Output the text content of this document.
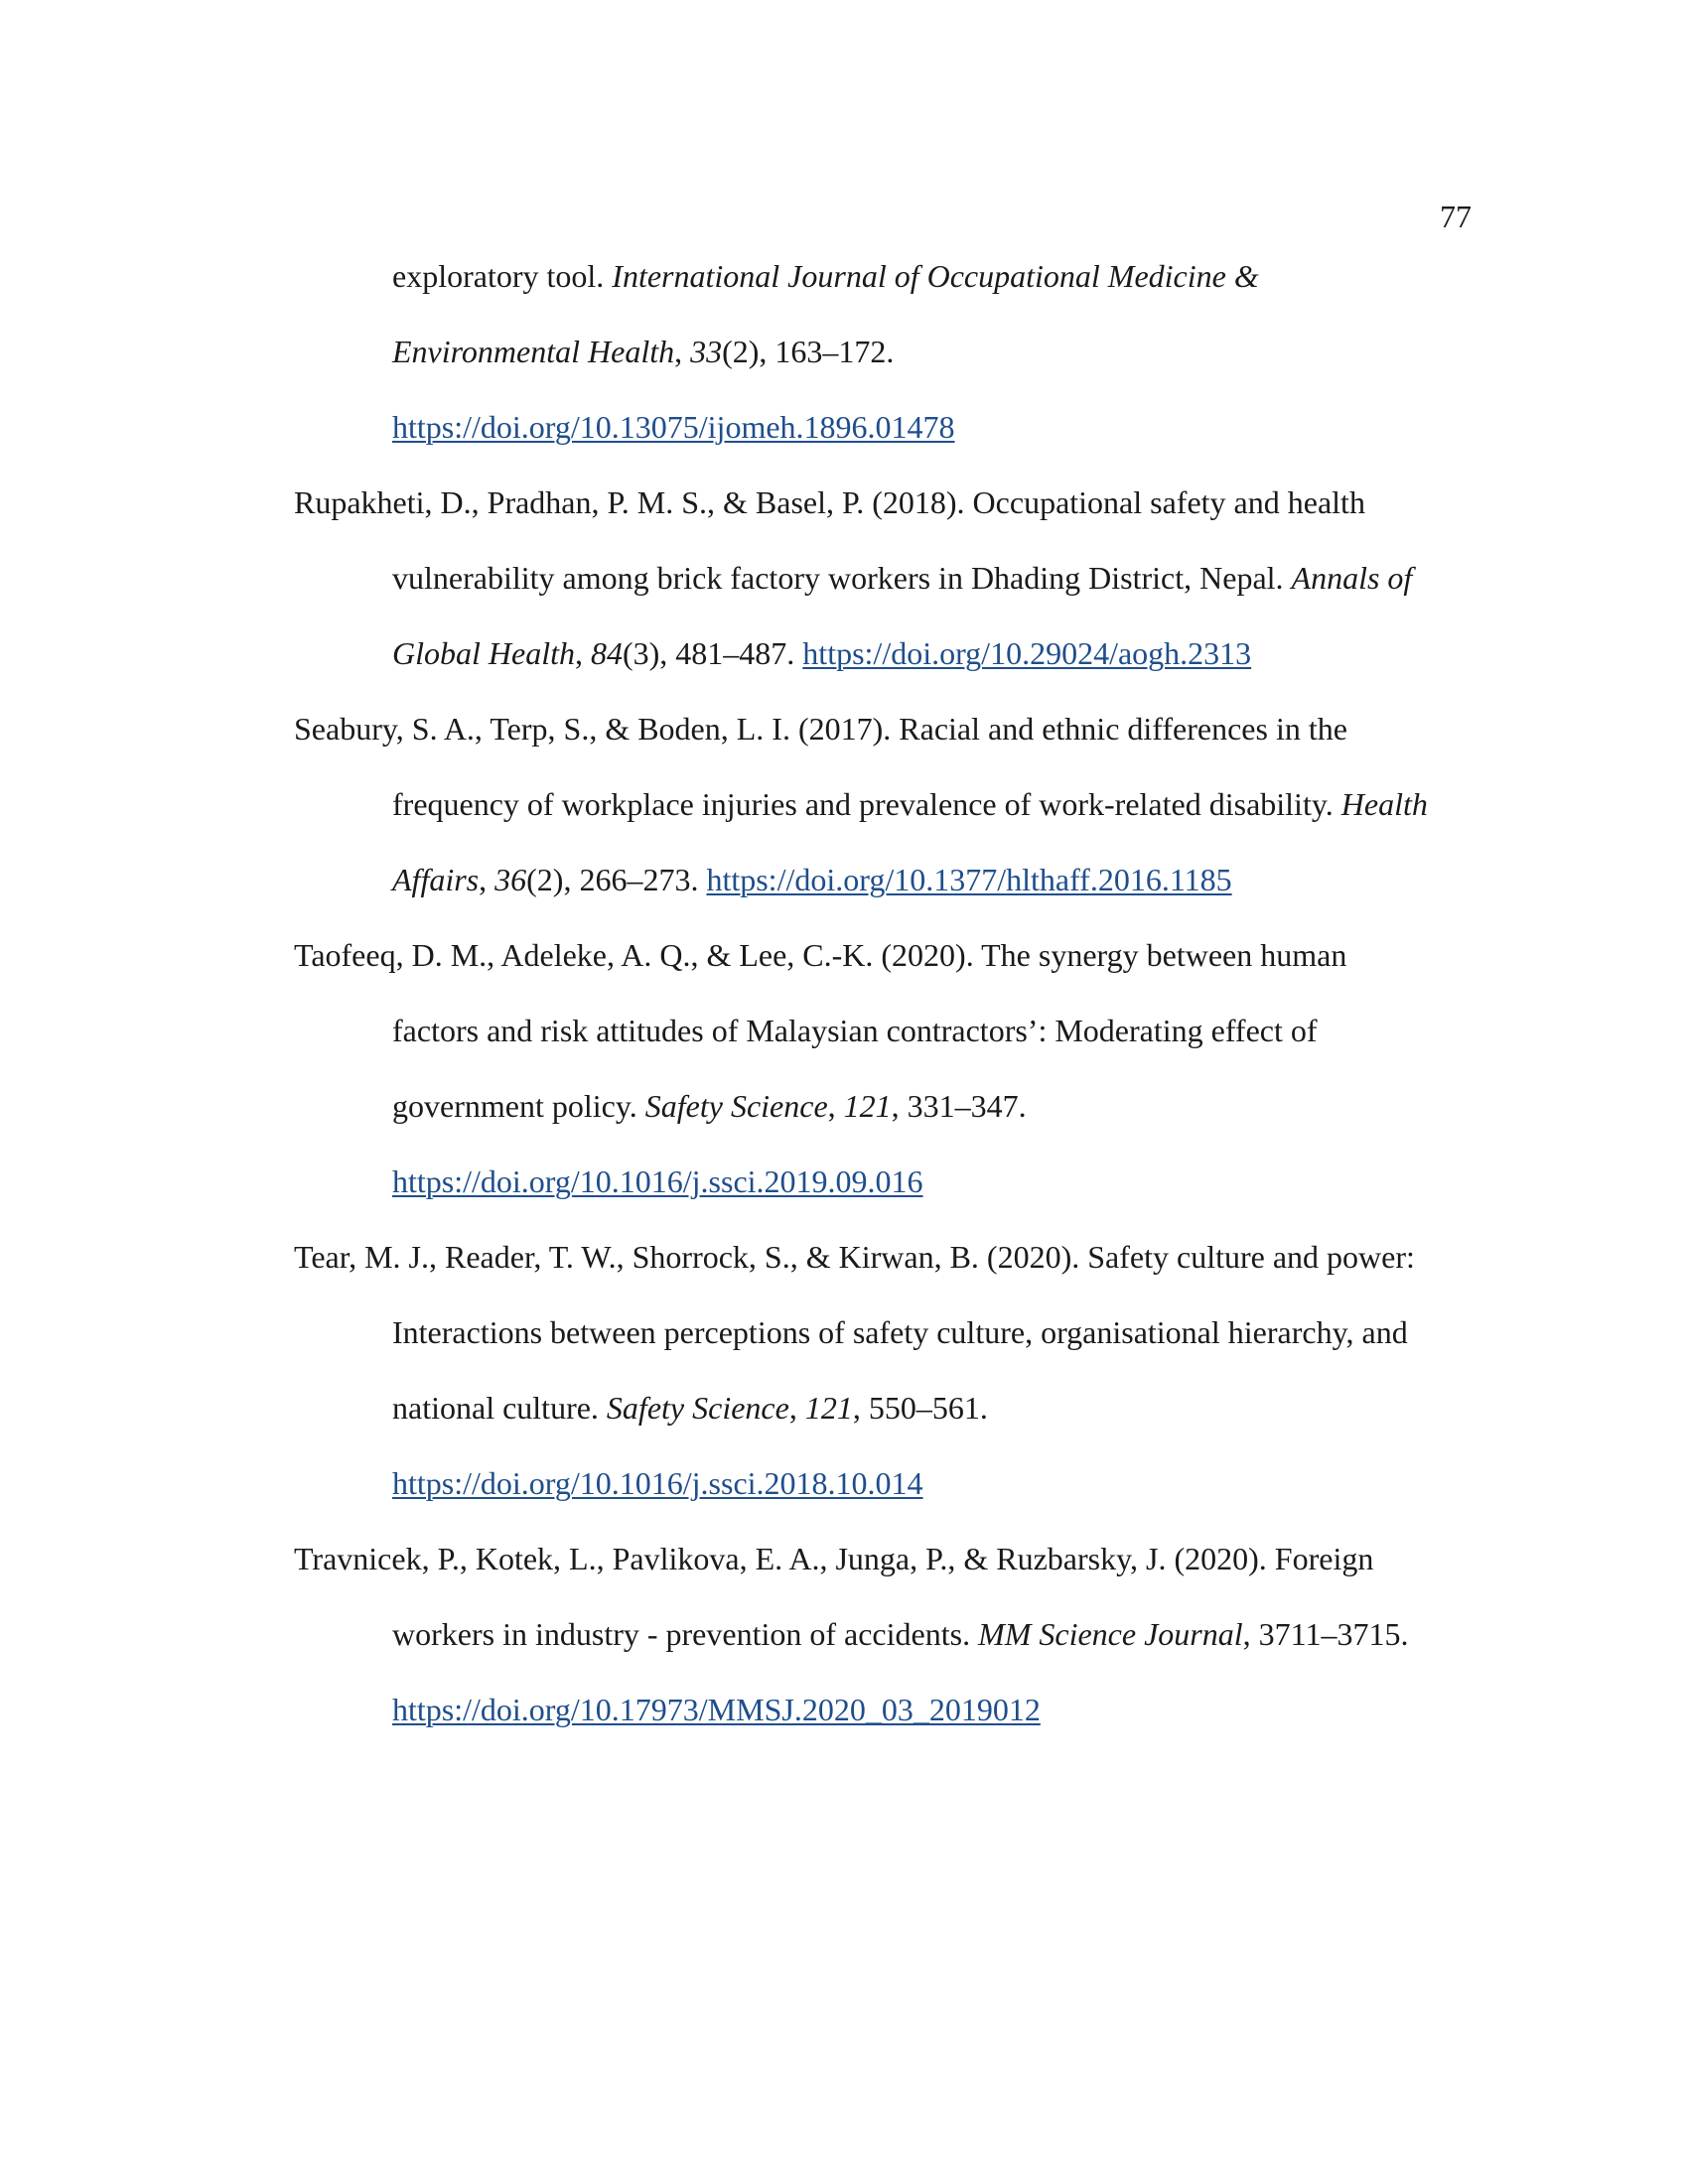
77
exploratory tool. International Journal of Occupational Medicine &
Environmental Health, 33(2), 163–172.
https://doi.org/10.13075/ijomeh.1896.01478
Rupakheti, D., Pradhan, P. M. S., & Basel, P. (2018). Occupational safety and health
vulnerability among brick factory workers in Dhading District, Nepal. Annals of
Global Health, 84(3), 481–487. https://doi.org/10.29024/aogh.2313
Seabury, S. A., Terp, S., & Boden, L. I. (2017). Racial and ethnic differences in the
frequency of workplace injuries and prevalence of work-related disability. Health
Affairs, 36(2), 266–273. https://doi.org/10.1377/hlthaff.2016.1185
Taofeeq, D. M., Adeleke, A. Q., & Lee, C.-K. (2020). The synergy between human
factors and risk attitudes of Malaysian contractors’: Moderating effect of
government policy. Safety Science, 121, 331–347.
https://doi.org/10.1016/j.ssci.2019.09.016
Tear, M. J., Reader, T. W., Shorrock, S., & Kirwan, B. (2020). Safety culture and power:
Interactions between perceptions of safety culture, organisational hierarchy, and
national culture. Safety Science, 121, 550–561.
https://doi.org/10.1016/j.ssci.2018.10.014
Travnicek, P., Kotek, L., Pavlikova, E. A., Junga, P., & Ruzbarsky, J. (2020). Foreign
workers in industry - prevention of accidents. MM Science Journal, 3711–3715.
https://doi.org/10.17973/MMSJ.2020_03_2019012
